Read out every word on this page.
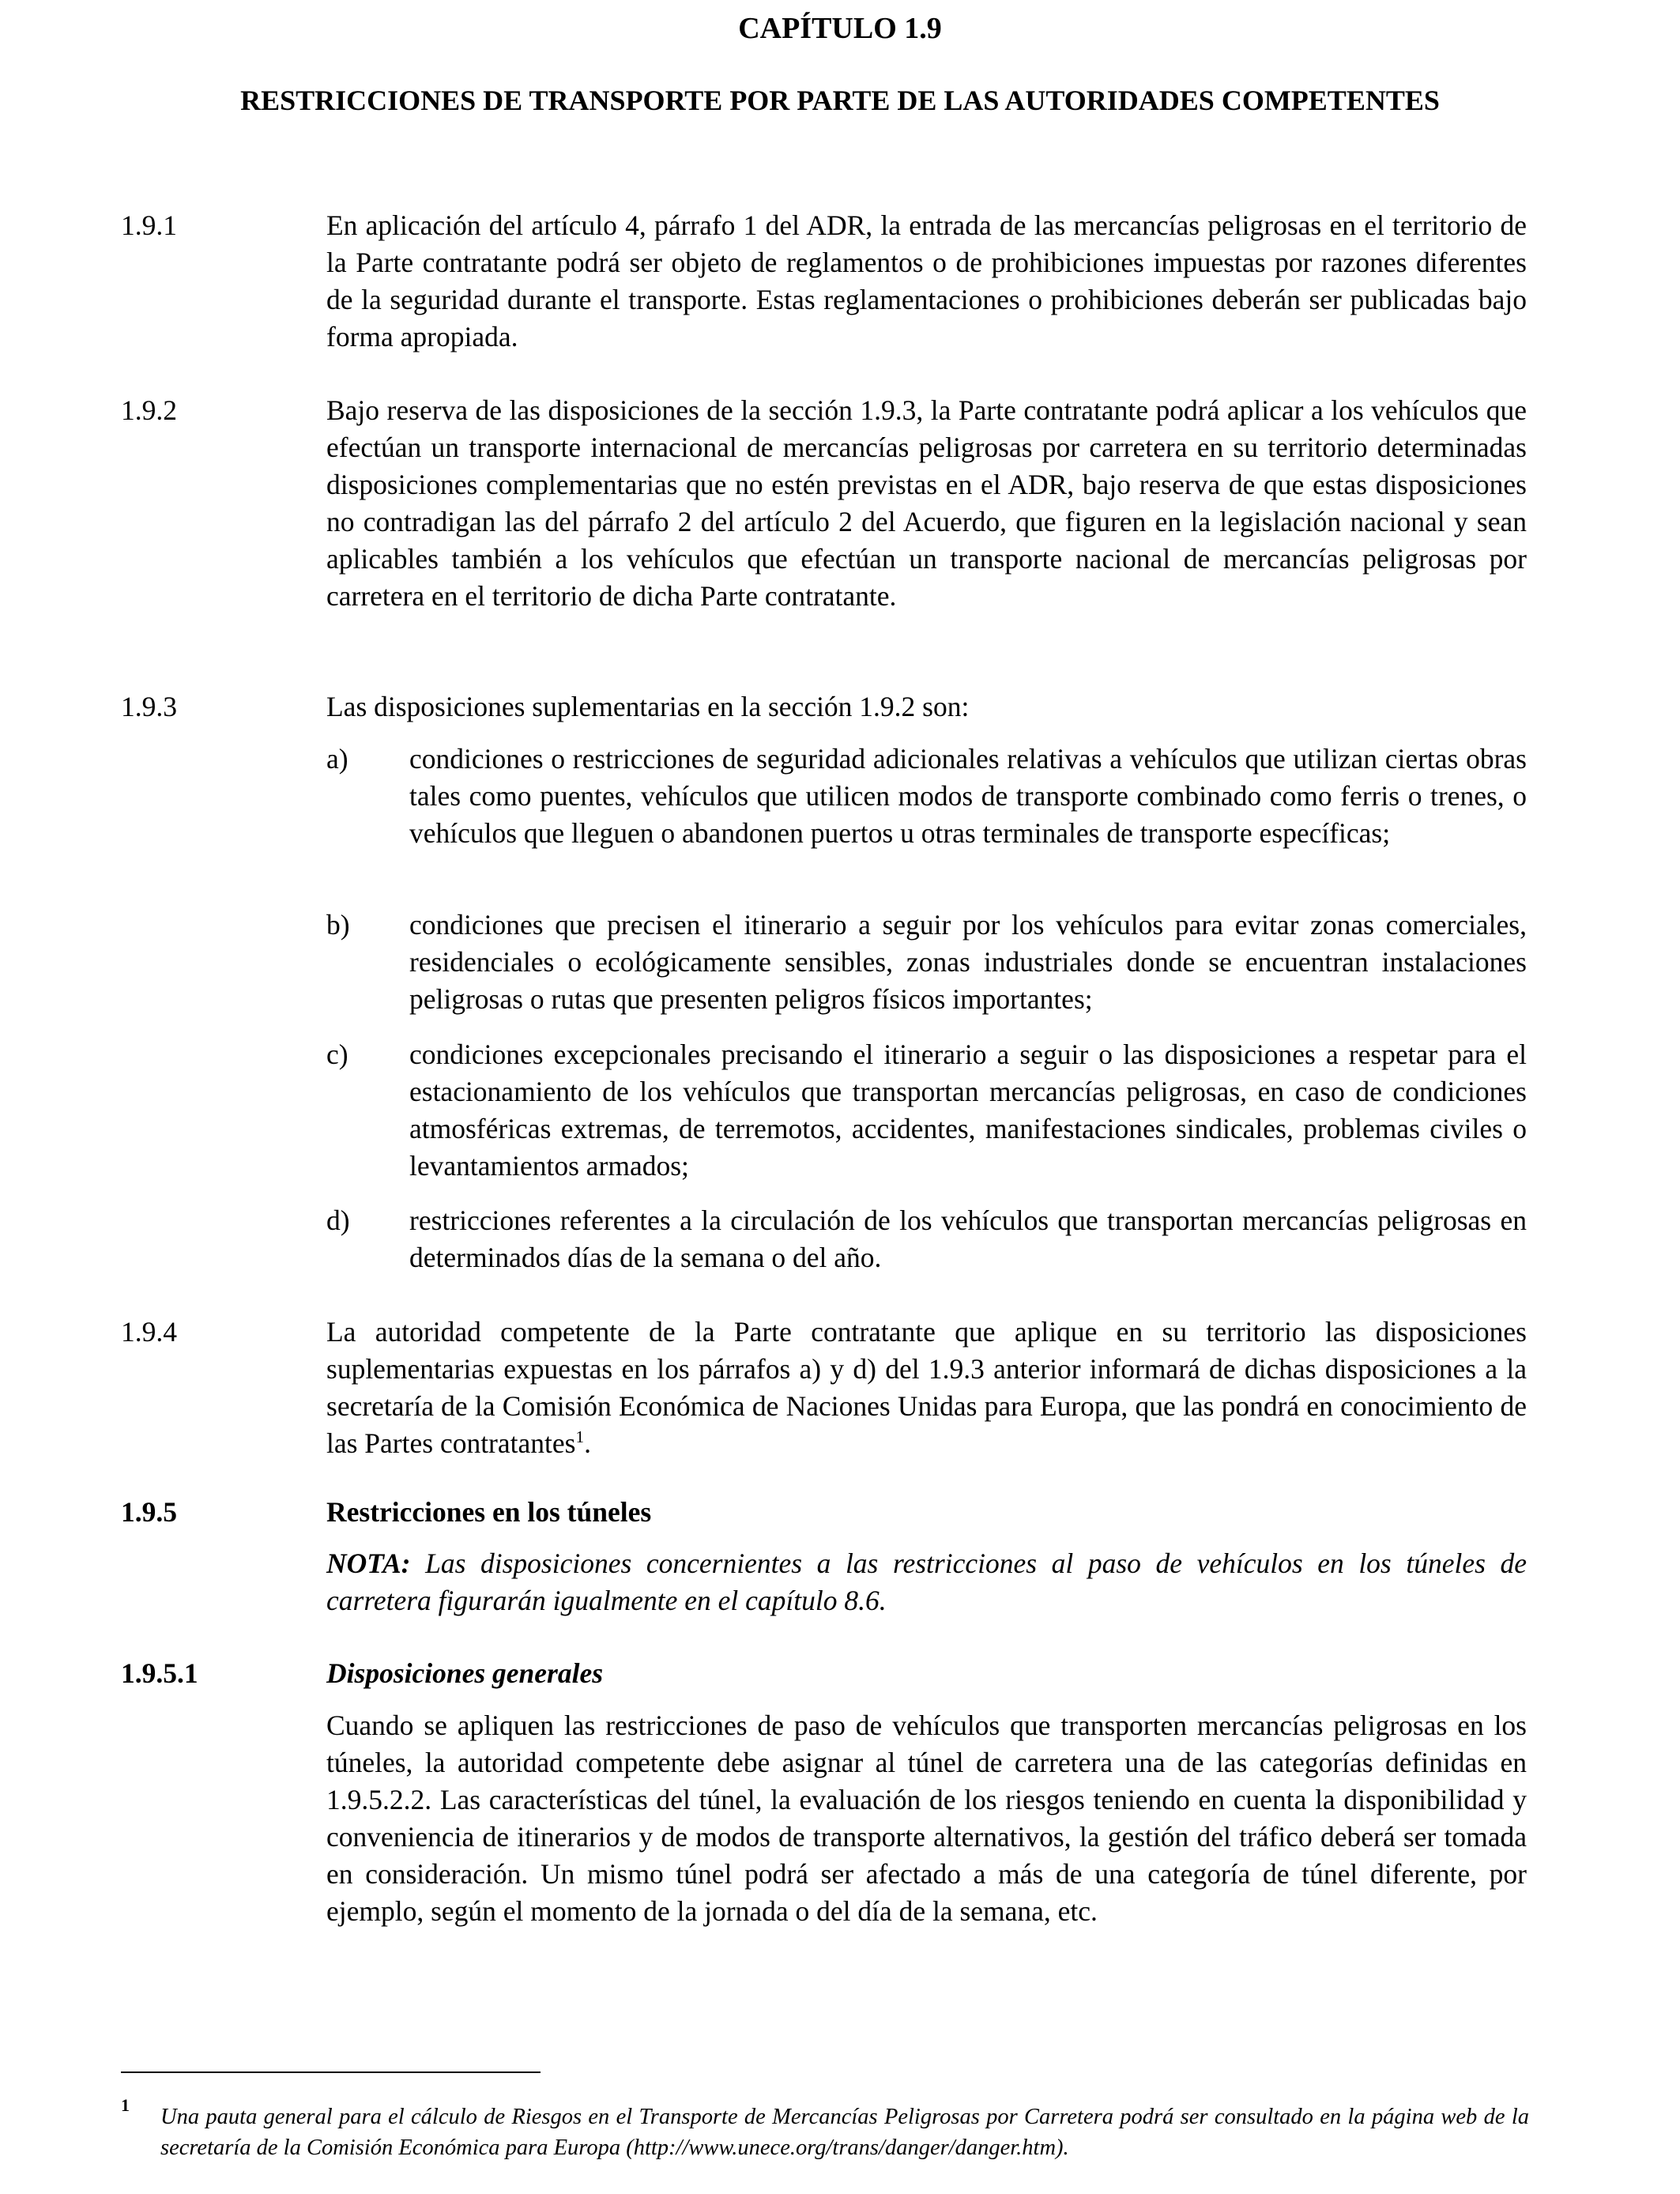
CAPÍTULO 1.9
RESTRICCIONES DE TRANSPORTE POR PARTE DE LAS AUTORIDADES COMPETENTES
1.9.1	En aplicación del artículo 4, párrafo 1 del ADR, la entrada de las mercancías peligrosas en el territorio de la Parte contratante podrá ser objeto de reglamentos o de prohibiciones impuestas por razones diferentes de la seguridad durante el transporte. Estas reglamentaciones o prohibiciones deberán ser publicadas bajo forma apropiada.
1.9.2	Bajo reserva de las disposiciones de la sección 1.9.3, la Parte contratante podrá aplicar a los vehículos que efectúan un transporte internacional de mercancías peligrosas por carretera en su territorio determinadas disposiciones complementarias que no estén previstas en el ADR, bajo reserva de que estas disposiciones no contradigan las del párrafo 2 del artículo 2 del Acuerdo, que figuren en la legislación nacional y sean aplicables también a los vehículos que efectúan un transporte nacional de mercancías peligrosas por carretera en el territorio de dicha Parte contratante.
1.9.3	Las disposiciones suplementarias en la sección 1.9.2 son:
a) condiciones o restricciones de seguridad adicionales relativas a vehículos que utilizan ciertas obras tales como puentes, vehículos que utilicen modos de transporte combinado como ferris o trenes, o vehículos que lleguen o abandonen puertos u otras terminales de transporte específicas;
b) condiciones que precisen el itinerario a seguir por los vehículos para evitar zonas comerciales, residenciales o ecológicamente sensibles, zonas industriales donde se encuentran instalaciones peligrosas o rutas que presenten peligros físicos importantes;
c) condiciones excepcionales precisando el itinerario a seguir o las disposiciones a respetar para el estacionamiento de los vehículos que transportan mercancías peligrosas, en caso de condiciones atmosféricas extremas, de terremotos, accidentes, manifestaciones sindicales, problemas civiles o levantamientos armados;
d) restricciones referentes a la circulación de los vehículos que transportan mercancías peligrosas en determinados días de la semana o del año.
1.9.4	La autoridad competente de la Parte contratante que aplique en su territorio las disposiciones suplementarias expuestas en los párrafos a) y d) del 1.9.3 anterior informará de dichas disposiciones a la secretaría de la Comisión Económica de Naciones Unidas para Europa, que las pondrá en conocimiento de las Partes contratantes$^1$.
1.9.5	Restricciones en los túneles
NOTA: Las disposiciones concernientes a las restricciones al paso de vehículos en los túneles de carretera figurarán igualmente en el capítulo 8.6.
1.9.5.1	Disposiciones generales
Cuando se apliquen las restricciones de paso de vehículos que transporten mercancías peligrosas en los túneles, la autoridad competente debe asignar al túnel de carretera una de las categorías definidas en 1.9.5.2.2. Las características del túnel, la evaluación de los riesgos teniendo en cuenta la disponibilidad y conveniencia de itinerarios y de modos de transporte alternativos, la gestión del tráfico deberá ser tomada en consideración. Un mismo túnel podrá ser afectado a más de una categoría de túnel diferente, por ejemplo, según el momento de la jornada o del día de la semana, etc.
1 Una pauta general para el cálculo de Riesgos en el Transporte de Mercancías Peligrosas por Carretera podrá ser consultado en la página web de la secretaría de la Comisión Económica para Europa (http://www.unece.org/trans/danger/danger.htm).
